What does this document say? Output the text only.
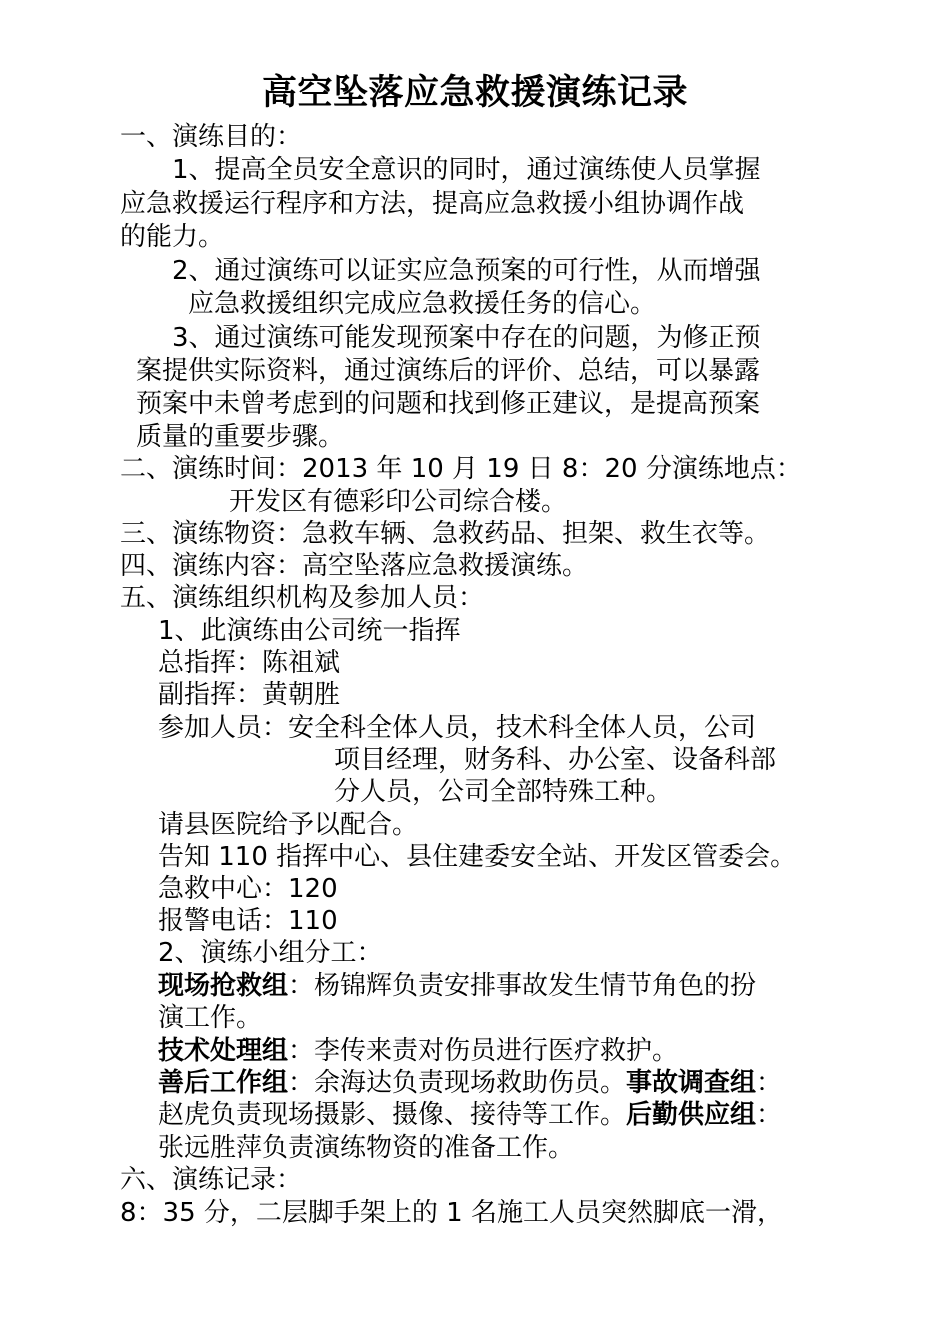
高空坠落应急救援演练记录
一、演练目的：
1、提高全员安全意识的同时，通过演练使人员掌握
应急救援运行程序和方法，提高应急救援小组协调作战
的能力。
2、通过演练可以证实应急预案的可行性，从而增强
应急救援组织完成应急救援任务的信心。
3、通过演练可能发现预案中存在的问题，为修正预
案提供实际资料，通过演练后的评价、总结，可以暴露
预案中未曾考虑到的问题和找到修正建议，是提高预案
质量的重要步骤。
二、演练时间：2013 年 10 月 19 日 8：20 分演练地点：
开发区有德彩印公司综合楼。
三、演练物资：急救车辆、急救药品、担架、救生衣等。
四、演练内容：高空坠落应急救援演练。
五、演练组织机构及参加人员：
1、此演练由公司统一指挥
总指挥：陈祖斌
副指挥：黄朝胜
参加人员：安全科全体人员，技术科全体人员，公司
项目经理，财务科、办公室、设备科部
分人员，公司全部特殊工种。
请县医院给予以配合。
告知 110 指挥中心、县住建委安全站、开发区管委会。
急救中心：120
报警电话：110
2、演练小组分工：
现场抢救组：杨锦辉负责安排事故发生情节角色的扮
演工作。
技术处理组：李传来责对伤员进行医疗救护。
善后工作组：余海达负责现场救助伤员。事故调查组：
赵虎负责现场摄影、摄像、接待等工作。后勤供应组：
张远胜萍负责演练物资的准备工作。
六、演练记录：
8：35 分，二层脚手架上的 1 名施工人员突然脚底一滑，
